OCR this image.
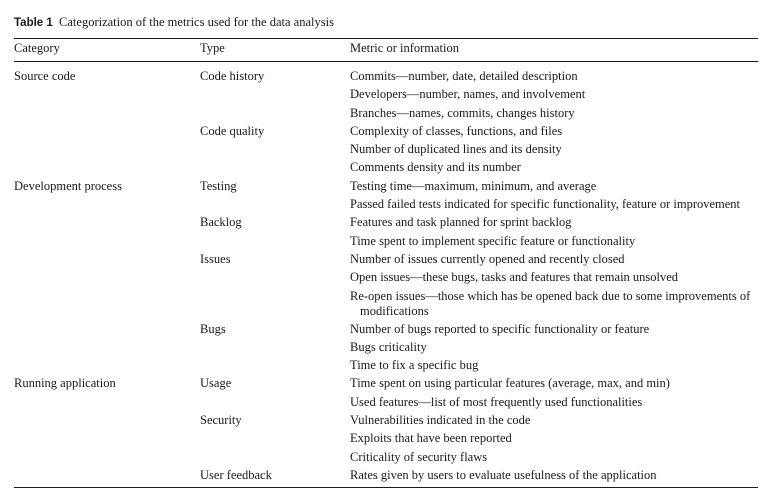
Table 1 Categorization of the metrics used for the data analysis
Category	Type	Metric or information
Source code	Code history	Commits—number, date, detailed description

		Developers—number, names, and involvement

		Branches—names, commits, changes history

	Code quality	Complexity of classes, functions, and files

		Number of duplicated lines and its density

		Comments density and its number

Development process	Testing	Testing time—maximum, minimum, and average

		Passed failed tests indicated for specific functionality, feature or improvement

	Backlog	Features and task planned for sprint backlog

		Time spent to implement specific feature or functionality

	Issues	Number of issues currently opened and recently closed

		Open issues—these bugs, tasks and features that remain unsolved

		Re-open issues—those which has be opened back due to some improvements of modifications

	Bugs	Number of bugs reported to specific functionality or feature

		Bugs criticality

		Time to fix a specific bug

Running application	Usage	Time spent on using particular features (average, max, and min)

		Used features—list of most frequently used functionalities

	Security	Vulnerabilities indicated in the code

		Exploits that have been reported

		Criticality of security flaws

	User feedback	Rates given by users to evaluate usefulness of the application
